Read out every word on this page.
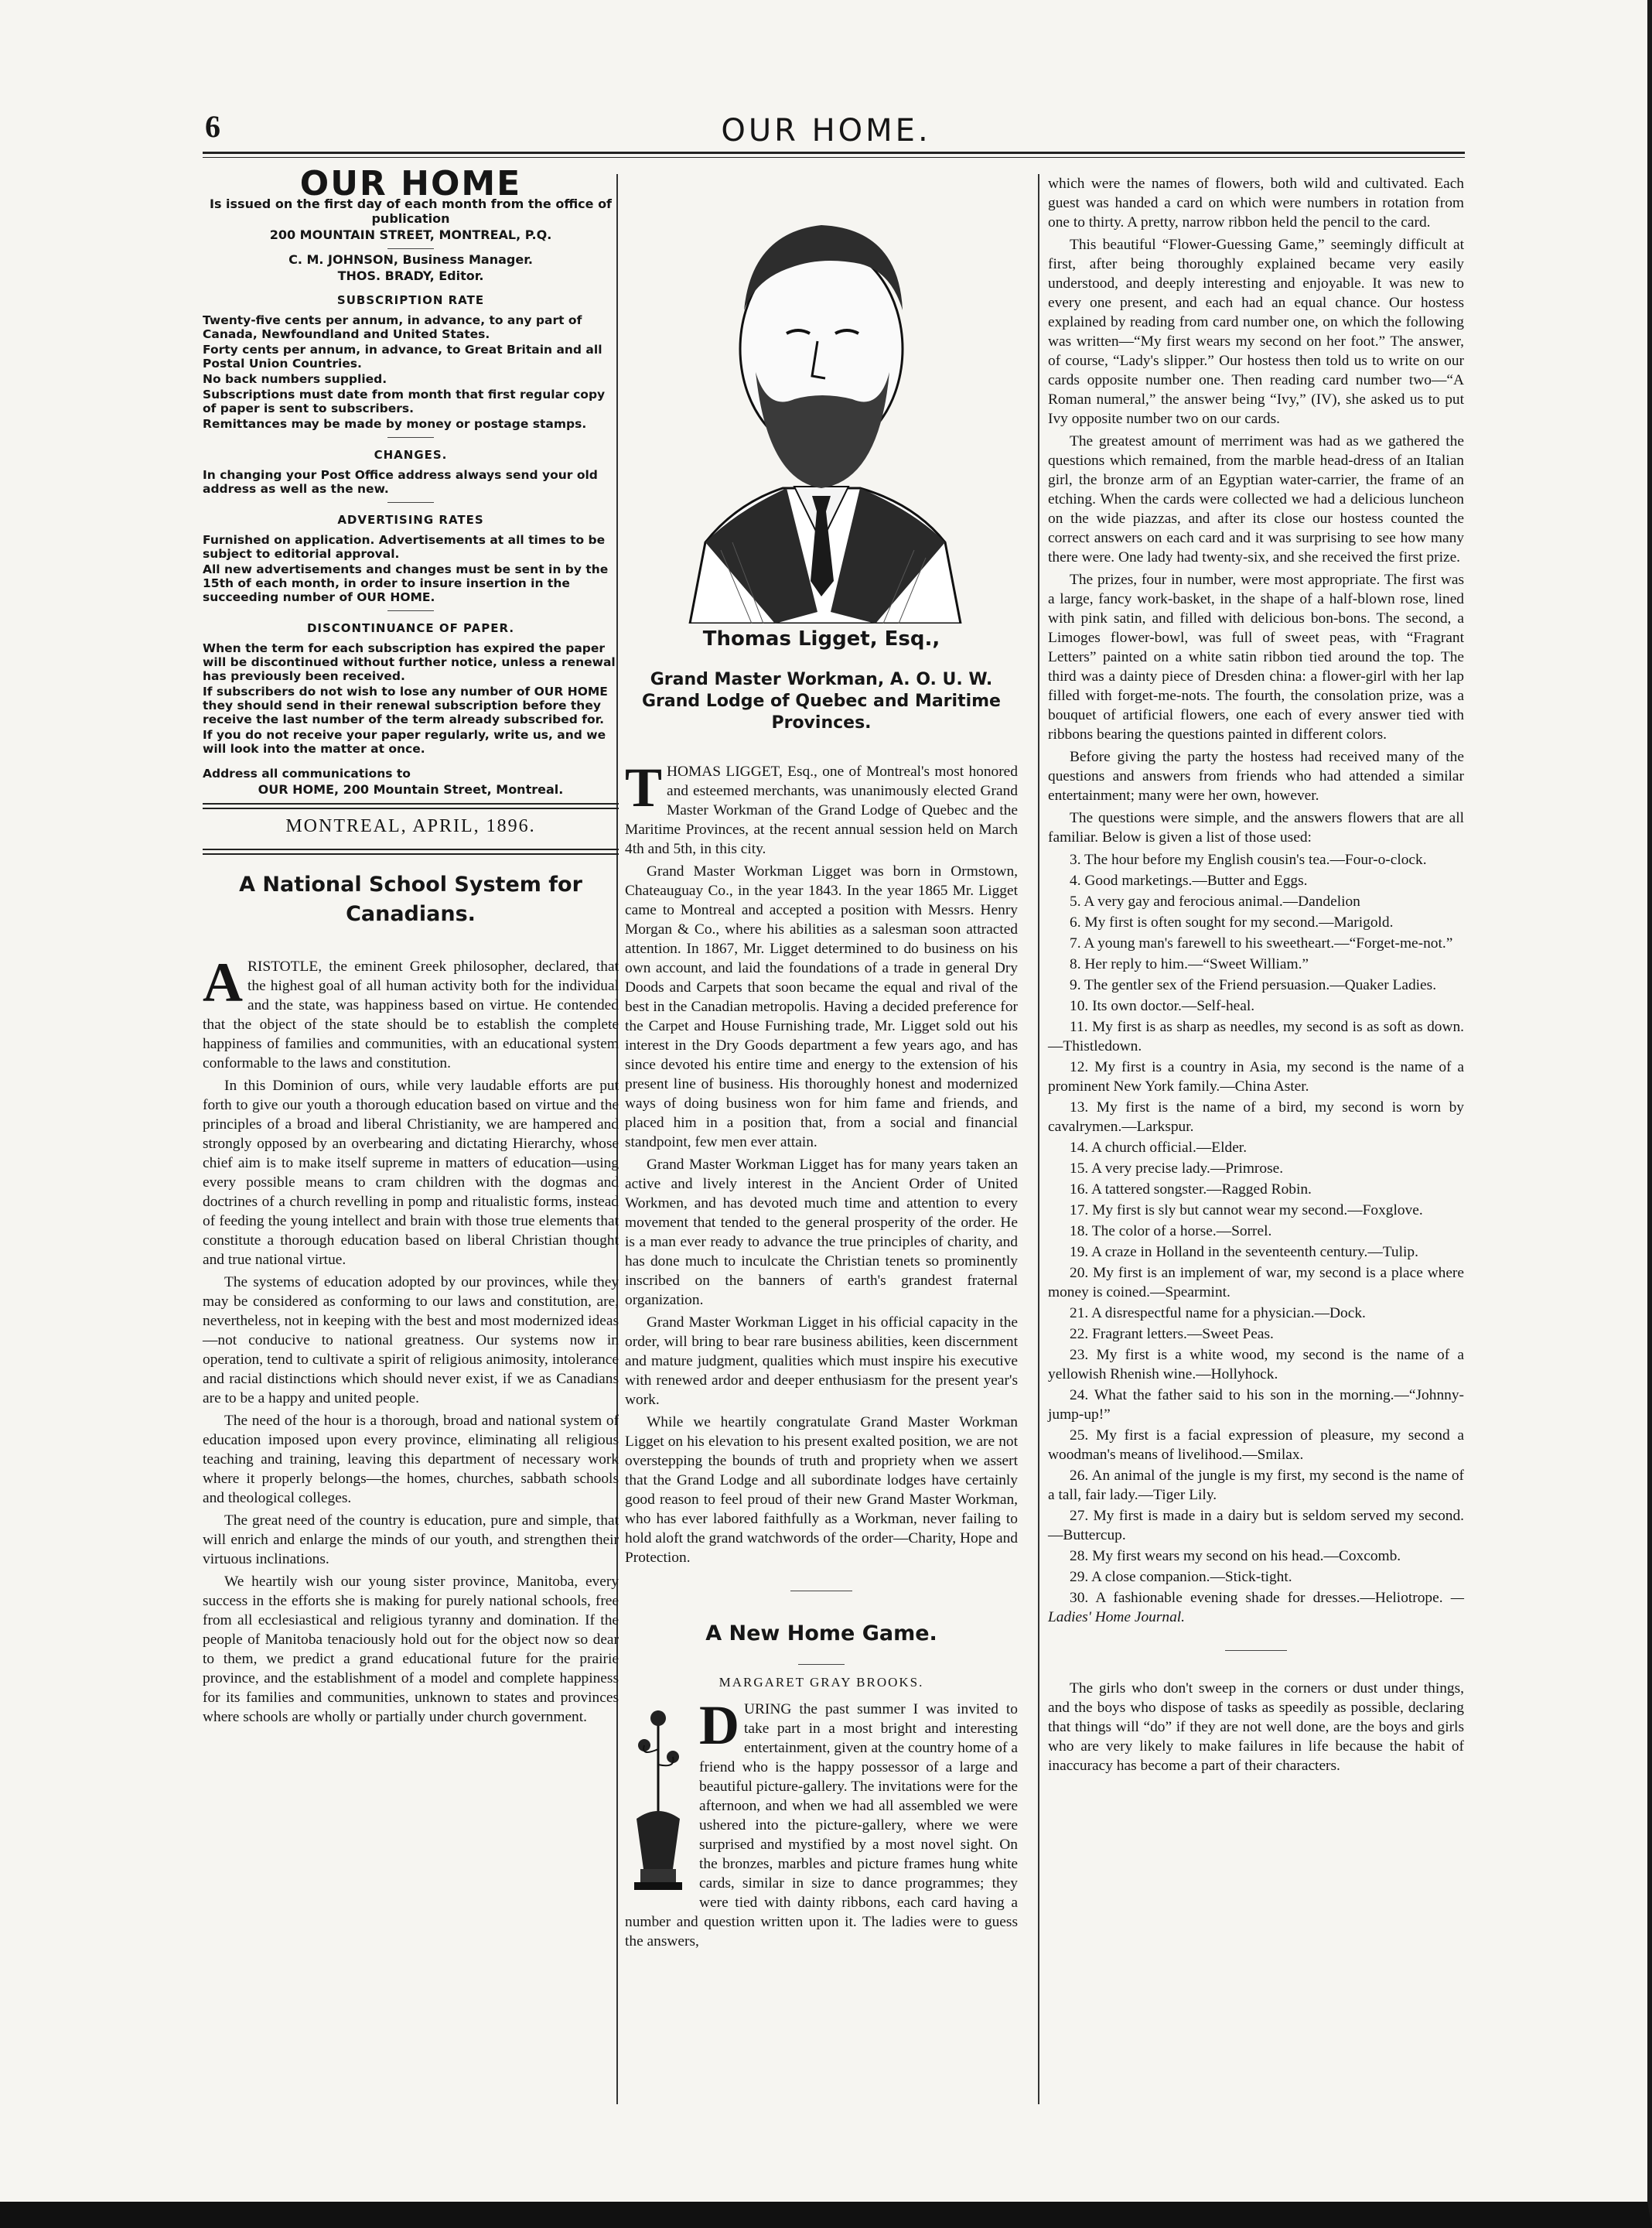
6	OUR HOME.
OUR HOME
Is issued on the first day of each month from the office of publication
200 MOUNTAIN STREET, MONTREAL, P.Q.
C. M. JOHNSON, Business Manager.
THOS. BRADY, Editor.
SUBSCRIPTION RATE
Twenty-five cents per annum, in advance, to any part of Canada, Newfoundland and United States.
Forty cents per annum, in advance, to Great Britain and all Postal Union Countries.
No back numbers supplied.
Subscriptions must date from month that first regular copy of paper is sent to subscribers.
Remittances may be made by money or postage stamps.
CHANGES.
In changing your Post Office address always send your old address as well as the new.
ADVERTISING RATES
Furnished on application. Advertisements at all times to be subject to editorial approval.
All new advertisements and changes must be sent in by the 15th of each month, in order to insure insertion in the succeeding number of OUR HOME.
DISCONTINUANCE OF PAPER.
When the term for each subscription has expired the paper will be discontinued without further notice, unless a renewal has previously been received.
If subscribers do not wish to lose any number of OUR HOME they should send in their renewal subscription before they receive the last number of the term already subscribed for.
If you do not receive your paper regularly, write us, and we will look into the matter at once.
Address all communications to
OUR HOME, 200 Mountain Street, Montreal.
MONTREAL, APRIL, 1896.
A National School System for Canadians.

ARISTOTLE, the eminent Greek philosopher, declared, that the highest goal of all human activity both for the individual and the state, was happiness based on virtue. He contended that the object of the state should be to establish the complete happiness of families and communities, with an educational system conformable to the laws and constitution.

In this Dominion of ours, while very laudable efforts are put forth to give our youth a thorough education based on virtue and the principles of a broad and liberal Christianity, we are hampered and strongly opposed by an overbearing and dictating Hierarchy, whose chief aim is to make itself supreme in matters of education—using every possible means to cram children with the dogmas and doctrines of a church revelling in pomp and ritualistic forms, instead of feeding the young intellect and brain with those true elements that constitute a thorough education based on liberal Christian thought and true national virtue.

The systems of education adopted by our provinces, while they may be considered as conforming to our laws and constitution, are, nevertheless, not in keeping with the best and most modernized ideas—not conducive to national greatness. Our systems now in operation, tend to cultivate a spirit of religious animosity, intolerance and racial distinctions which should never exist, if we as Canadians are to be a happy and united people.

The need of the hour is a thorough, broad and national system of education imposed upon every province, eliminating all religious teaching and training, leaving this department of necessary work where it properly belongs—the homes, churches, sabbath schools and theological colleges.

The great need of the country is education, pure and simple, that will enrich and enlarge the minds of our youth, and strengthen their virtuous inclinations.

We heartily wish our young sister province, Manitoba, every success in the efforts she is making for purely national schools, free from all ecclesiastical and religious tyranny and domination. If the people of Manitoba tenaciously hold out for the object now so dear to them, we predict a grand educational future for the prairie province, and the establishment of a model and complete happiness for its families and communities, unknown to states and provinces where schools are wholly or partially under church government.

Thomas Ligget, Esq.,
Grand Master Workman, A. O. U. W. Grand Lodge of Quebec and Maritime Provinces.

THOMAS LIGGET, Esq., one of Montreal's most honored and esteemed merchants, was unanimously elected Grand Master Workman of the Grand Lodge of Quebec and the Maritime Provinces, at the recent annual session held on March 4th and 5th, in this city.

Grand Master Workman Ligget was born in Ormstown, Chateauguay Co., in the year 1843. In the year 1865 Mr. Ligget came to Montreal and accepted a position with Messrs. Henry Morgan & Co., where his abilities as a salesman soon attracted attention. In 1867, Mr. Ligget determined to do business on his own account, and laid the foundations of a trade in general Dry Doods and Carpets that soon became the equal and rival of the best in the Canadian metropolis. Having a decided preference for the Carpet and House Furnishing trade, Mr. Ligget sold out his interest in the Dry Goods department a few years ago, and has since devoted his entire time and energy to the extension of his present line of business. His thoroughly honest and modernized ways of doing business won for him fame and friends, and placed him in a position that, from a social and financial standpoint, few men ever attain.

Grand Master Workman Ligget has for many years taken an active and lively interest in the Ancient Order of United Workmen, and has devoted much time and attention to every movement that tended to the general prosperity of the order. He is a man ever ready to advance the true principles of charity, and has done much to inculcate the Christian tenets so prominently inscribed on the banners of earth's grandest fraternal organization.

Grand Master Workman Ligget in his official capacity in the order, will bring to bear rare business abilities, keen discernment and mature judgment, qualities which must inspire his executive with renewed ardor and deeper enthusiasm for the present year's work.

While we heartily congratulate Grand Master Workman Ligget on his elevation to his present exalted position, we are not overstepping the bounds of truth and propriety when we assert that the Grand Lodge and all subordinate lodges have certainly good reason to feel proud of their new Grand Master Workman, who has ever labored faithfully as a Workman, never failing to hold aloft the grand watchwords of the order—Charity, Hope and Protection.

A New Home Game.
MARGARET GRAY BROOKS.

DURING the past summer I was invited to take part in a most bright and interesting entertainment, given at the country home of a friend who is the happy possessor of a large and beautiful picture-gallery. The invitations were for the afternoon, and when we had all assembled we were ushered into the picture-gallery, where we were surprised and mystified by a most novel sight. On the bronzes, marbles and picture frames hung white cards, similar in size to dance programmes; they were tied with dainty ribbons, each card having a number and question written upon it. The ladies were to guess the answers,

which were the names of flowers, both wild and cultivated. Each guest was handed a card on which were numbers in rotation from one to thirty. A pretty, narrow ribbon held the pencil to the card.

This beautiful “Flower-Guessing Game,” seemingly difficult at first, after being thoroughly explained became very easily understood, and deeply interesting and enjoyable. It was new to every one present, and each had an equal chance. Our hostess explained by reading from card number one, on which the following was written—“My first wears my second on her foot.” The answer, of course, “Lady's slipper.” Our hostess then told us to write on our cards opposite number one. Then reading card number two—“A Roman numeral,” the answer being “Ivy,” (IV), she asked us to put Ivy opposite number two on our cards.

The greatest amount of merriment was had as we gathered the questions which remained, from the marble head-dress of an Italian girl, the bronze arm of an Egyptian water-carrier, the frame of an etching. When the cards were collected we had a delicious luncheon on the wide piazzas, and after its close our hostess counted the correct answers on each card and it was surprising to see how many there were. One lady had twenty-six, and she received the first prize.

The prizes, four in number, were most appropriate. The first was a large, fancy work-basket, in the shape of a half-blown rose, lined with pink satin, and filled with delicious bon-bons. The second, a Limoges flower-bowl, was full of sweet peas, with “Fragrant Letters” painted on a white satin ribbon tied around the top. The third was a dainty piece of Dresden china: a flower-girl with her lap filled with forget-me-nots. The fourth, the consolation prize, was a bouquet of artificial flowers, one each of every answer tied with ribbons bearing the questions painted in different colors.

Before giving the party the hostess had received many of the questions and answers from friends who had attended a similar entertainment; many were her own, however.

The questions were simple, and the answers flowers that are all familiar. Below is given a list of those used:

3. The hour before my English cousin's tea.—Four-o-clock.
4. Good marketings.—Butter and Eggs.
5. A very gay and ferocious animal.—Dandelion
6. My first is often sought for my second.—Marigold.
7. A young man's farewell to his sweetheart.—“Forget-me-not.”
8. Her reply to him.—“Sweet William.”
9. The gentler sex of the Friend persuasion.—Quaker Ladies.
10. Its own doctor.—Self-heal.
11. My first is as sharp as needles, my second is as soft as down.—Thistledown.
12. My first is a country in Asia, my second is the name of a prominent New York family.—China Aster.
13. My first is the name of a bird, my second is worn by cavalrymen.—Larkspur.
14. A church official.—Elder.
15. A very precise lady.—Primrose.
16. A tattered songster.—Ragged Robin.
17. My first is sly but cannot wear my second.—Foxglove.
18. The color of a horse.—Sorrel.
19. A craze in Holland in the seventeenth century.—Tulip.
20. My first is an implement of war, my second is a place where money is coined.—Spearmint.
21. A disrespectful name for a physician.—Dock.
22. Fragrant letters.—Sweet Peas.
23. My first is a white wood, my second is the name of a yellowish Rhenish wine.—Hollyhock.
24. What the father said to his son in the morning.—“Johnny-jump-up!”
25. My first is a facial expression of pleasure, my second a woodman's means of livelihood.—Smilax.
26. An animal of the jungle is my first, my second is the name of a tall, fair lady.—Tiger Lily.
27. My first is made in a dairy but is seldom served my second.—Buttercup.
28. My first wears my second on his head.—Coxcomb.
29. A close companion.—Stick-tight.
30. A fashionable evening shade for dresses.—Heliotrope. —Ladies' Home Journal.

The girls who don't sweep in the corners or dust under things, and the boys who dispose of tasks as speedily as possible, declaring that things will “do” if they are not well done, are the boys and girls who are very likely to make failures in life because the habit of inaccuracy has become a part of their characters.
